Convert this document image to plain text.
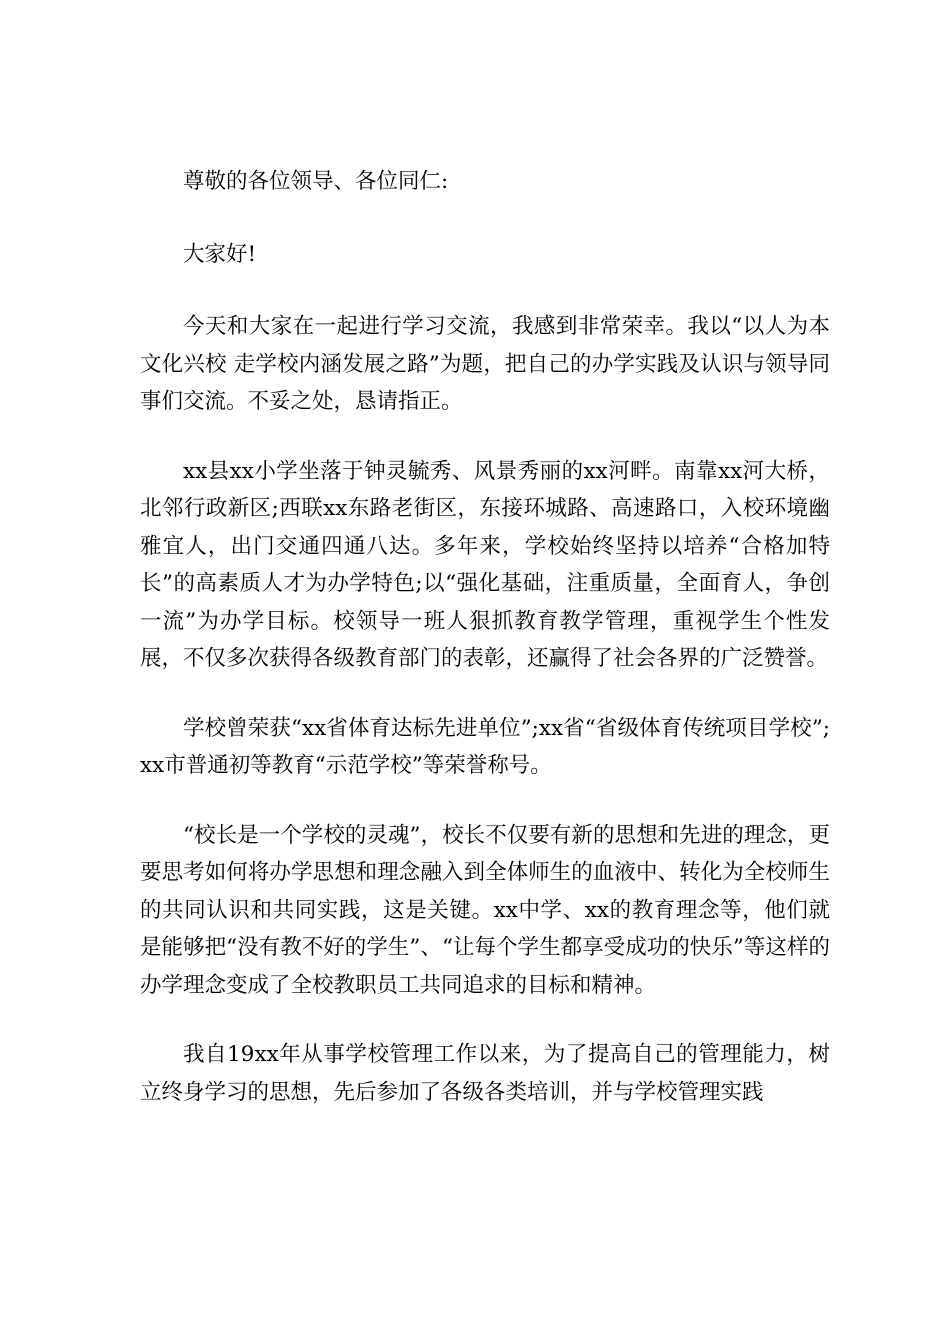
尊敬的各位领导、各位同仁:

大家好!

今天和大家在一起进行学习交流，我感到非常荣幸。我以“以人为本 文化兴校 走学校内涵发展之路”为题，把自己的办学实践及认识与领导同事们交流。不妥之处，恳请指正。

xx县xx小学坐落于钟灵毓秀、风景秀丽的xx河畔。南靠xx河大桥，北邻行政新区;西联xx东路老街区，东接环城路、高速路口，入校环境幽雅宜人，出门交通四通八达。多年来，学校始终坚持以培养“合格加特长”的高素质人才为办学特色;以“强化基础，注重质量，全面育人，争创一流”为办学目标。校领导一班人狠抓教育教学管理，重视学生个性发展，不仅多次获得各级教育部门的表彰，还赢得了社会各界的广泛赞誉。

学校曾荣获“xx省体育达标先进单位”;xx省“省级体育传统项目学校”;xx市普通初等教育“示范学校”等荣誉称号。

“校长是一个学校的灵魂”，校长不仅要有新的思想和先进的理念，更要思考如何将办学思想和理念融入到全体师生的血液中、转化为全校师生的共同认识和共同实践，这是关键。xx中学、xx的教育理念等，他们就是能够把“没有教不好的学生”、“让每个学生都享受成功的快乐”等这样的办学理念变成了全校教职员工共同追求的目标和精神。

我自19xx年从事学校管理工作以来，为了提高自己的管理能力，树立终身学习的思想，先后参加了各级各类培训，并与学校管理实践
